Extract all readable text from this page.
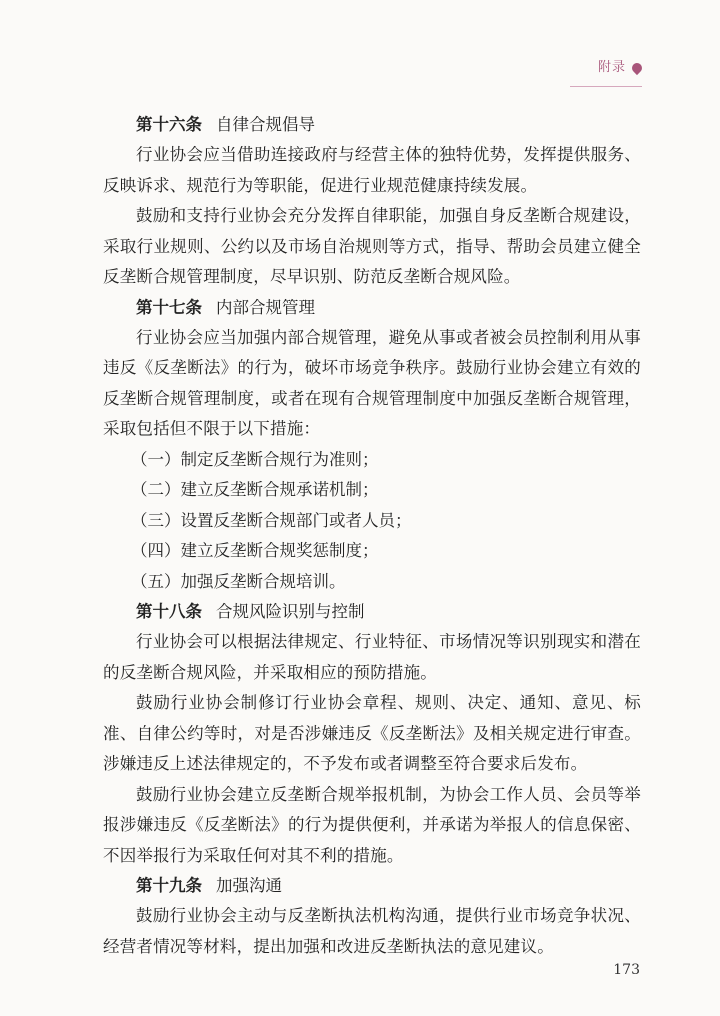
附录

第十六条 自律合规倡导

行业协会应当借助连接政府与经营主体的独特优势，发挥提供服务、反映诉求、规范行为等职能，促进行业规范健康持续发展。

鼓励和支持行业协会充分发挥自律职能，加强自身反垄断合规建设，采取行业规则、公约以及市场自治规则等方式，指导、帮助会员建立健全反垄断合规管理制度，尽早识别、防范反垄断合规风险。

第十七条 内部合规管理

行业协会应当加强内部合规管理，避免从事或者被会员控制利用从事违反《反垄断法》的行为，破坏市场竞争秩序。鼓励行业协会建立有效的反垄断合规管理制度，或者在现有合规管理制度中加强反垄断合规管理，采取包括但不限于以下措施：

（一）制定反垄断合规行为准则；

（二）建立反垄断合规承诺机制；

（三）设置反垄断合规部门或者人员；

（四）建立反垄断合规奖惩制度；

（五）加强反垄断合规培训。

第十八条 合规风险识别与控制

行业协会可以根据法律规定、行业特征、市场情况等识别现实和潜在的反垄断合规风险，并采取相应的预防措施。

鼓励行业协会制修订行业协会章程、规则、决定、通知、意见、标准、自律公约等时，对是否涉嫌违反《反垄断法》及相关规定进行审查。涉嫌违反上述法律规定的，不予发布或者调整至符合要求后发布。

鼓励行业协会建立反垄断合规举报机制，为协会工作人员、会员等举报涉嫌违反《反垄断法》的行为提供便利，并承诺为举报人的信息保密、不因举报行为采取任何对其不利的措施。

第十九条 加强沟通

鼓励行业协会主动与反垄断执法机构沟通，提供行业市场竞争状况、经营者情况等材料，提出加强和改进反垄断执法的意见建议。

173
